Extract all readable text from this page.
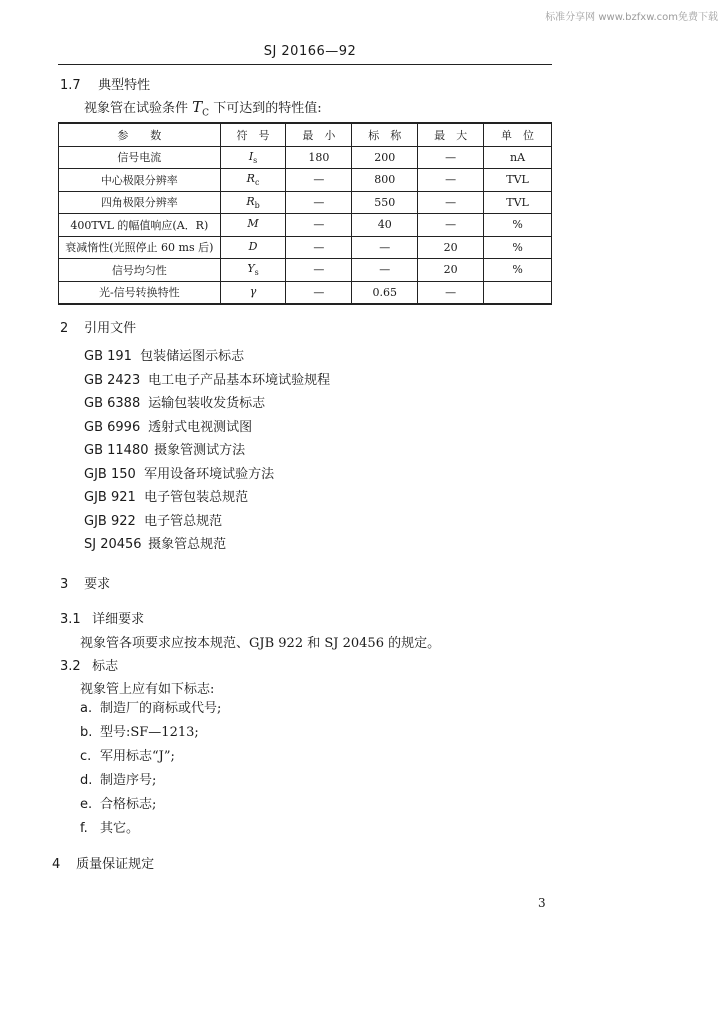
标准分享网 www.bzfxw.com免费下载
SJ 20166—92
1.7 典型特性
视象管在试验条件 $T_C$ 下可达到的特性值:
参　　数	符　号	最　小	标　称	最　大	单　位
信号电流	$I_s$	180	200	—	nA
中心极限分辨率	$R_c$	—	800	—	TVL
四角极限分辨率	$R_b$	—	550	—	TVL
400TVL 的幅值响应(A．R)	M	—	40	—	%
衰减惰性(光照停止 60 ms 后)	D	—	—	20	%
信号均匀性	$Y_s$	—	—	20	%
光-信号转换特性	γ	—	0.65	—	
2 引用文件
GB 191 包装储运图示标志
GB 2423 电工电子产品基本环境试验规程
GB 6388 运输包装收发货标志
GB 6996 透射式电视测试图
GB 11480 摄象管测试方法
GJB 150 军用设备环境试验方法
GJB 921 电子管包装总规范
GJB 922 电子管总规范
SJ 20456 摄象管总规范
3 要求
3.1 详细要求
视象管各项要求应按本规范、GJB 922 和 SJ 20456 的规定。
3.2 标志
视象管上应有如下标志:
a. 制造厂的商标或代号;
b. 型号:SF—1213;
c. 军用标志“J”;
d. 制造序号;
e. 合格标志;
f. 其它。
4 质量保证规定
3
